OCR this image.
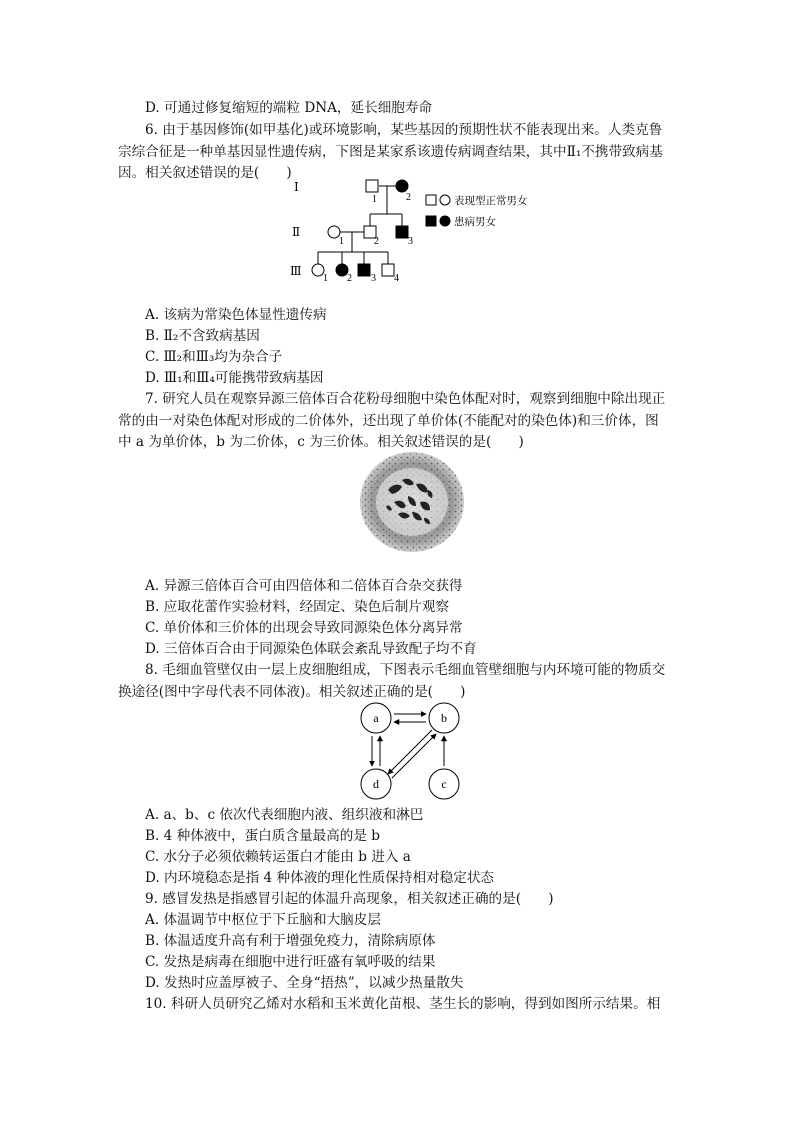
D. 可通过修复缩短的端粒 DNA，延长细胞寿命
6. 由于基因修饰(如甲基化)或环境影响，某些基因的预期性状不能表现出来。人类克鲁
宗综合征是一种单基因显性遗传病，下图是某家系该遗传病调查结果，其中Ⅱ₁不携带致病基
因。相关叙述错误的是(　　)
Ⅰ
Ⅱ
Ⅲ
1	2
1	2	3
1 2 3 4
表现型正常男女
患病男女
A. 该病为常染色体显性遗传病
B. Ⅱ₂不含致病基因
C. Ⅲ₂和Ⅲ₃均为杂合子
D. Ⅲ₁和Ⅲ₄可能携带致病基因
7. 研究人员在观察异源三倍体百合花粉母细胞中染色体配对时，观察到细胞中除出现正
常的由一对染色体配对形成的二价体外，还出现了单价体(不能配对的染色体)和三价体，图
中 a 为单价体，b 为二价体，c 为三价体。相关叙述错误的是(　　)
A. 异源三倍体百合可由四倍体和二倍体百合杂交获得
B. 应取花蕾作实验材料，经固定、染色后制片观察
C. 单价体和三价体的出现会导致同源染色体分离异常
D. 三倍体百合由于同源染色体联会紊乱导致配子均不育
8. 毛细血管壁仅由一层上皮细胞组成，下图表示毛细血管壁细胞与内环境可能的物质交
换途径(图中字母代表不同体液)。相关叙述正确的是(　　)
a	b
d	c
A. a、b、c 依次代表细胞内液、组织液和淋巴
B. 4 种体液中，蛋白质含量最高的是 b
C. 水分子必须依赖转运蛋白才能由 b 进入 a
D. 内环境稳态是指 4 种体液的理化性质保持相对稳定状态
9. 感冒发热是指感冒引起的体温升高现象，相关叙述正确的是(　　)
A. 体温调节中枢位于下丘脑和大脑皮层
B. 体温适度升高有利于增强免疫力，清除病原体
C. 发热是病毒在细胞中进行旺盛有氧呼吸的结果
D. 发热时应盖厚被子、全身“捂热”，以减少热量散失
10. 科研人员研究乙烯对水稻和玉米黄化苗根、茎生长的影响，得到如图所示结果。相
